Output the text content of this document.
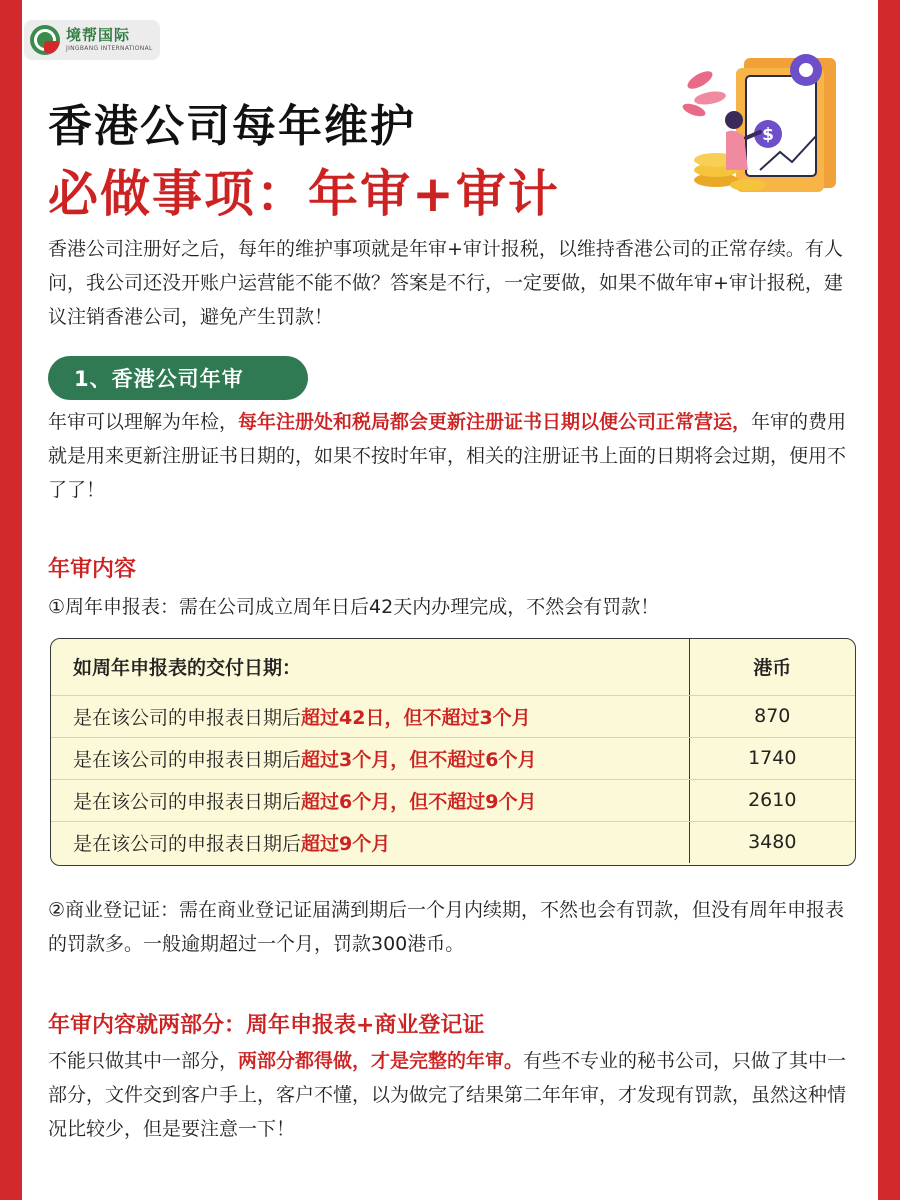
境帮国际
JINGBANG INTERNATIONAL
香港公司每年维护
必做事项：年审+审计
$
香港公司注册好之后，每年的维护事项就是年审+审计报税，以维持香港公司的正常存续。有人问，我公司还没开账户运营能不能不做？答案是不行，一定要做，如果不做年审+审计报税，建议注销香港公司，避免产生罚款！
1、香港公司年审
年审可以理解为年检，每年注册处和税局都会更新注册证书日期以便公司正常营运，年审的费用就是用来更新注册证书日期的，如果不按时年审，相关的注册证书上面的日期将会过期，便用不了了！
年审内容
①周年申报表：需在公司成立周年日后42天内办理完成，不然会有罚款！
如周年申报表的交付日期：	港币
是在该公司的申报表日期后超过42日，但不超过3个月	870
是在该公司的申报表日期后超过3个月，但不超过6个月	1740
是在该公司的申报表日期后超过6个月，但不超过9个月	2610
是在该公司的申报表日期后超过9个月	3480
②商业登记证：需在商业登记证届满到期后一个月内续期，不然也会有罚款，但没有周年申报表的罚款多。一般逾期超过一个月，罚款300港币。
年审内容就两部分：周年申报表+商业登记证
不能只做其中一部分，两部分都得做，才是完整的年审。有些不专业的秘书公司，只做了其中一部分，文件交到客户手上，客户不懂，以为做完了结果第二年年审，才发现有罚款，虽然这种情况比较少，但是要注意一下！
